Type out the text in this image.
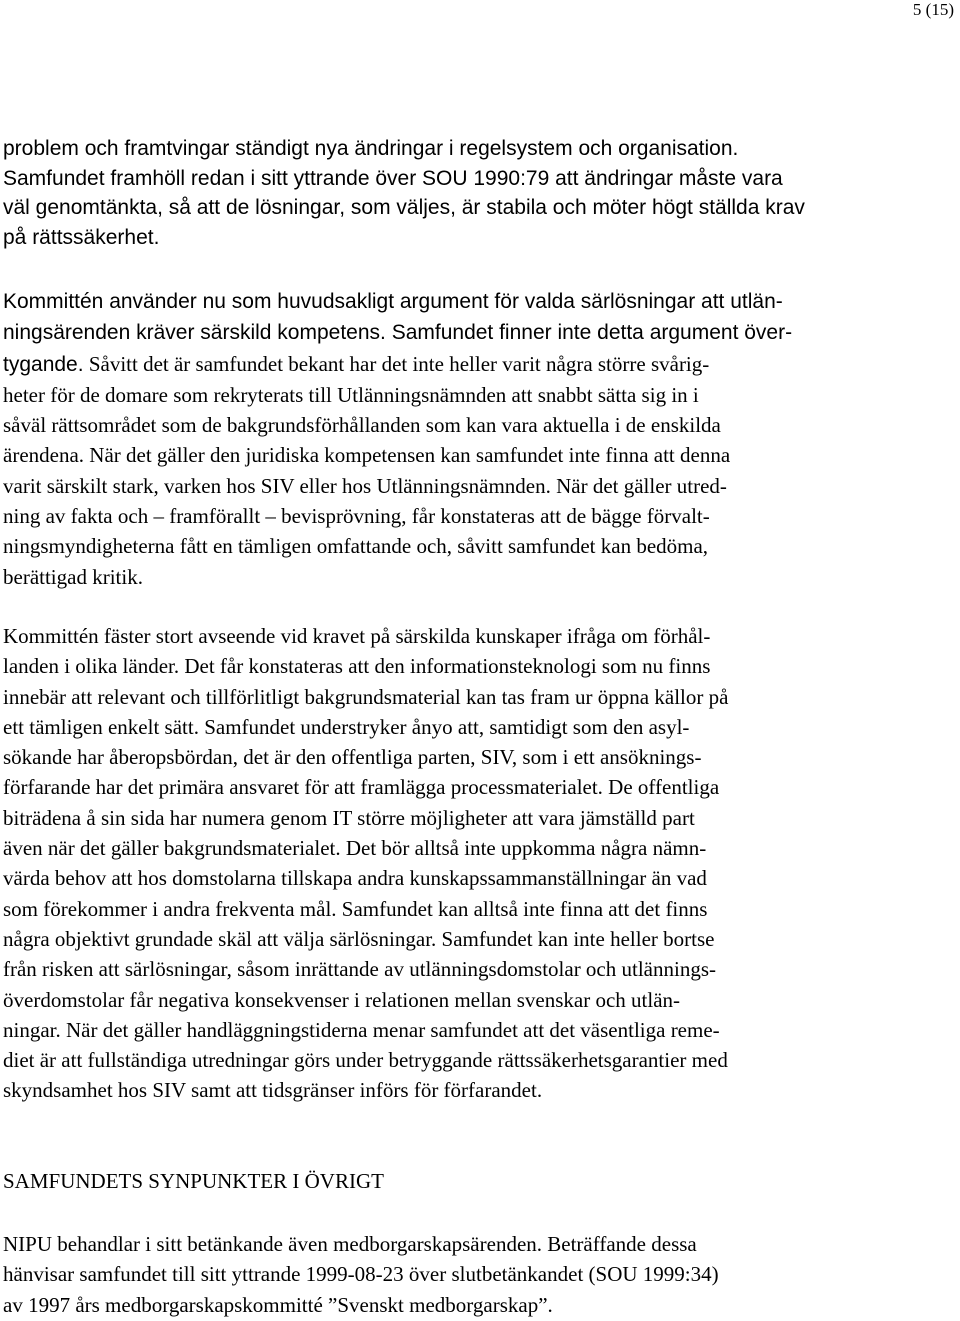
5 (15)

problem och framtvingar ständigt nya ändringar i regelsystem och organisation.
Samfundet framhöll redan i sitt yttrande över SOU 1990:79 att ändringar måste vara
väl genomtänkta, så att de lösningar, som väljes, är stabila och möter högt ställda krav
på rättssäkerhet.

Kommittén använder nu som huvudsakligt argument för valda särlösningar att utlän-
ningsärenden kräver särskild kompetens. Samfundet finner inte detta argument över-
tygande. Såvitt det är samfundet bekant har det inte heller varit några större svårig-
heter för de domare som rekryterats till Utlänningsnämnden att snabbt sätta sig in i
såväl rättsområdet som de bakgrundsförhållanden som kan vara aktuella i de enskilda
ärendena. När det gäller den juridiska kompetensen kan samfundet inte finna att denna
varit särskilt stark, varken hos SIV eller hos Utlänningsnämnden. När det gäller utred-
ning av fakta och – framförallt – bevisprövning, får konstateras att de bägge förvalt-
ningsmyndigheterna fått en tämligen omfattande och, såvitt samfundet kan bedöma,
berättigad kritik.

Kommittén fäster stort avseende vid kravet på särskilda kunskaper ifråga om förhål-
landen i olika länder. Det får konstateras att den informationsteknologi som nu finns
innebär att relevant och tillförlitligt bakgrundsmaterial kan tas fram ur öppna källor på
ett tämligen enkelt sätt. Samfundet understryker ånyo att, samtidigt som den asyl-
sökande har åberopsbördan, det är den offentliga parten, SIV, som i ett ansöknings-
förfarande har det primära ansvaret för att framlägga processmaterialet. De offentliga
biträdena å sin sida har numera genom IT större möjligheter att vara jämställd part
även när det gäller bakgrundsmaterialet. Det bör alltså inte uppkomma några nämn-
värda behov att hos domstolarna tillskapa andra kunskapssammanställningar än vad
som förekommer i andra frekventa mål. Samfundet kan alltså inte finna att det finns
några objektivt grundade skäl att välja särlösningar. Samfundet kan inte heller bortse
från risken att särlösningar, såsom inrättande av utlänningsdomstolar och utlännings-
överdomstolar får negativa konsekvenser i relationen mellan svenskar och utlän-
ningar. När det gäller handläggningstiderna menar samfundet att det väsentliga reme-
diet är att fullständiga utredningar görs under betryggande rättssäkerhetsgarantier med
skyndsamhet hos SIV samt att tidsgränser införs för förfarandet.

SAMFUNDETS SYNPUNKTER I ÖVRIGT

NIPU behandlar i sitt betänkande även medborgarskapsärenden. Beträffande dessa
hänvisar samfundet till sitt yttrande 1999-08-23 över slutbetänkandet (SOU 1999:34)
av 1997 års medborgarskapskommitté ”Svenskt medborgarskap”.
